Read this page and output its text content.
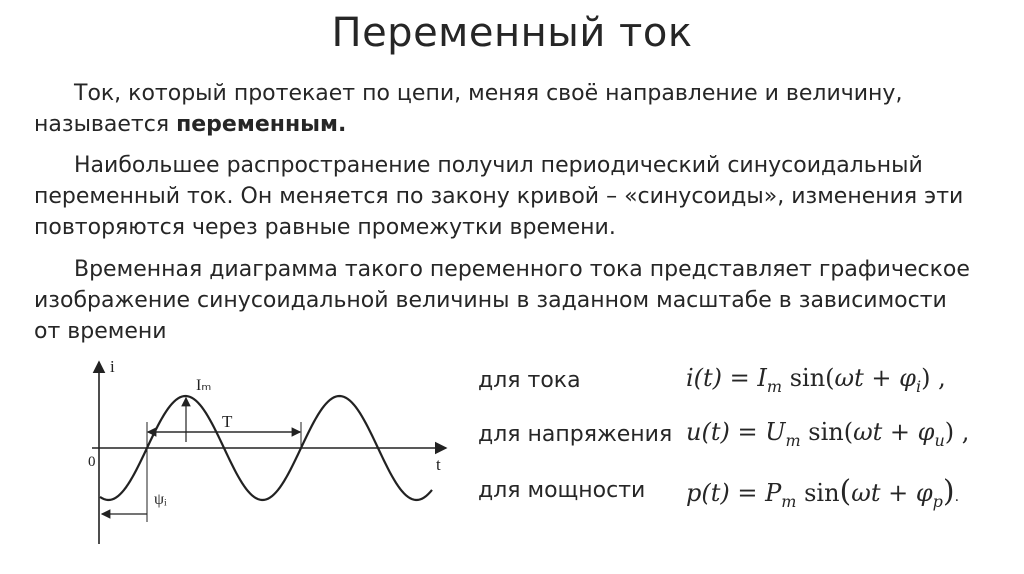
Переменный ток
Ток, который протекает по цепи, меняя своё направление и величину, называется переменным.
Наибольшее распространение получил периодический синусоидальный переменный ток. Он меняется по закону кривой – «синусоиды», изменения эти повторяются через равные промежутки времени.
Временная диаграмма такого переменного тока представляет графическое изображение синусоидальной величины в заданном масштабе в зависимости от времени
i
t
0
Iₘ
T
ψᵢ
для тока	$i(t) = I_m$ $\sin(\omega t + \varphi_i)$ ,
для напряжения $u(t) = U_m$ $\sin(\omega t + \varphi_u)$ ,
для мощности $p(t) = P_m$ $\sin(\omega t + \varphi_p)$.
